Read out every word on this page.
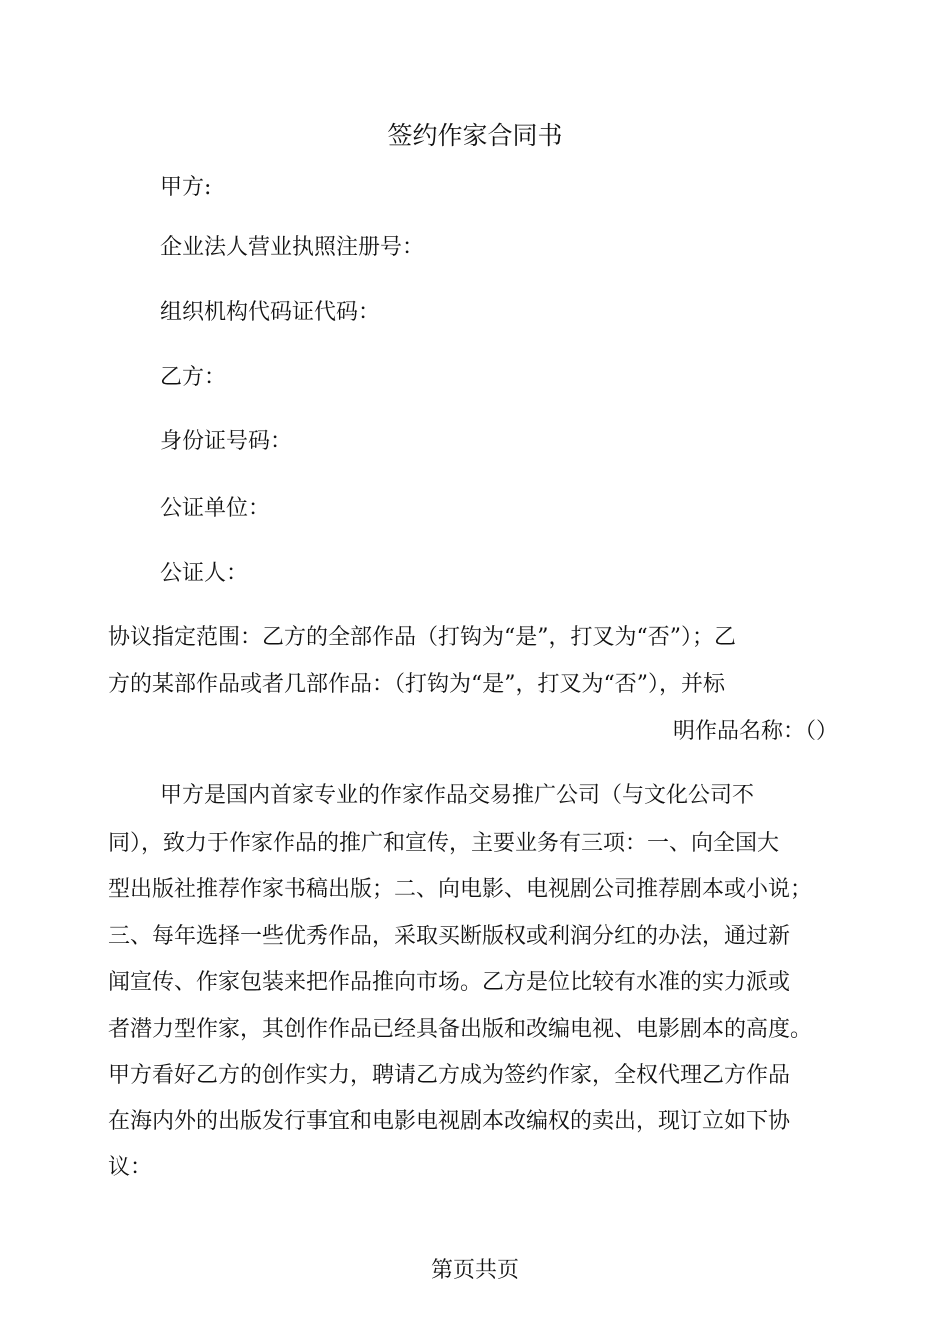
签约作家合同书
甲方:
企业法人营业执照注册号：
组织机构代码证代码：
乙方：
身份证号码：
公证单位：
公证人：
协议指定范围：乙方的全部作品（打钩为“是”，打叉为“否”）；乙
方的某部作品或者几部作品：（打钩为“是”，打叉为“否”），并标
明作品名称：（）
甲方是国内首家专业的作家作品交易推广公司（与文化公司不
同），致力于作家作品的推广和宣传，主要业务有三项：一、向全国大
型出版社推荐作家书稿出版；二、向电影、电视剧公司推荐剧本或小说；
三、每年选择一些优秀作品，采取买断版权或利润分红的办法，通过新
闻宣传、作家包装来把作品推向市场。乙方是位比较有水准的实力派或
者潜力型作家，其创作作品已经具备出版和改编电视、电影剧本的高度。
甲方看好乙方的创作实力，聘请乙方成为签约作家，全权代理乙方作品
在海内外的出版发行事宜和电影电视剧本改编权的卖出，现订立如下协
议：
第页共页
